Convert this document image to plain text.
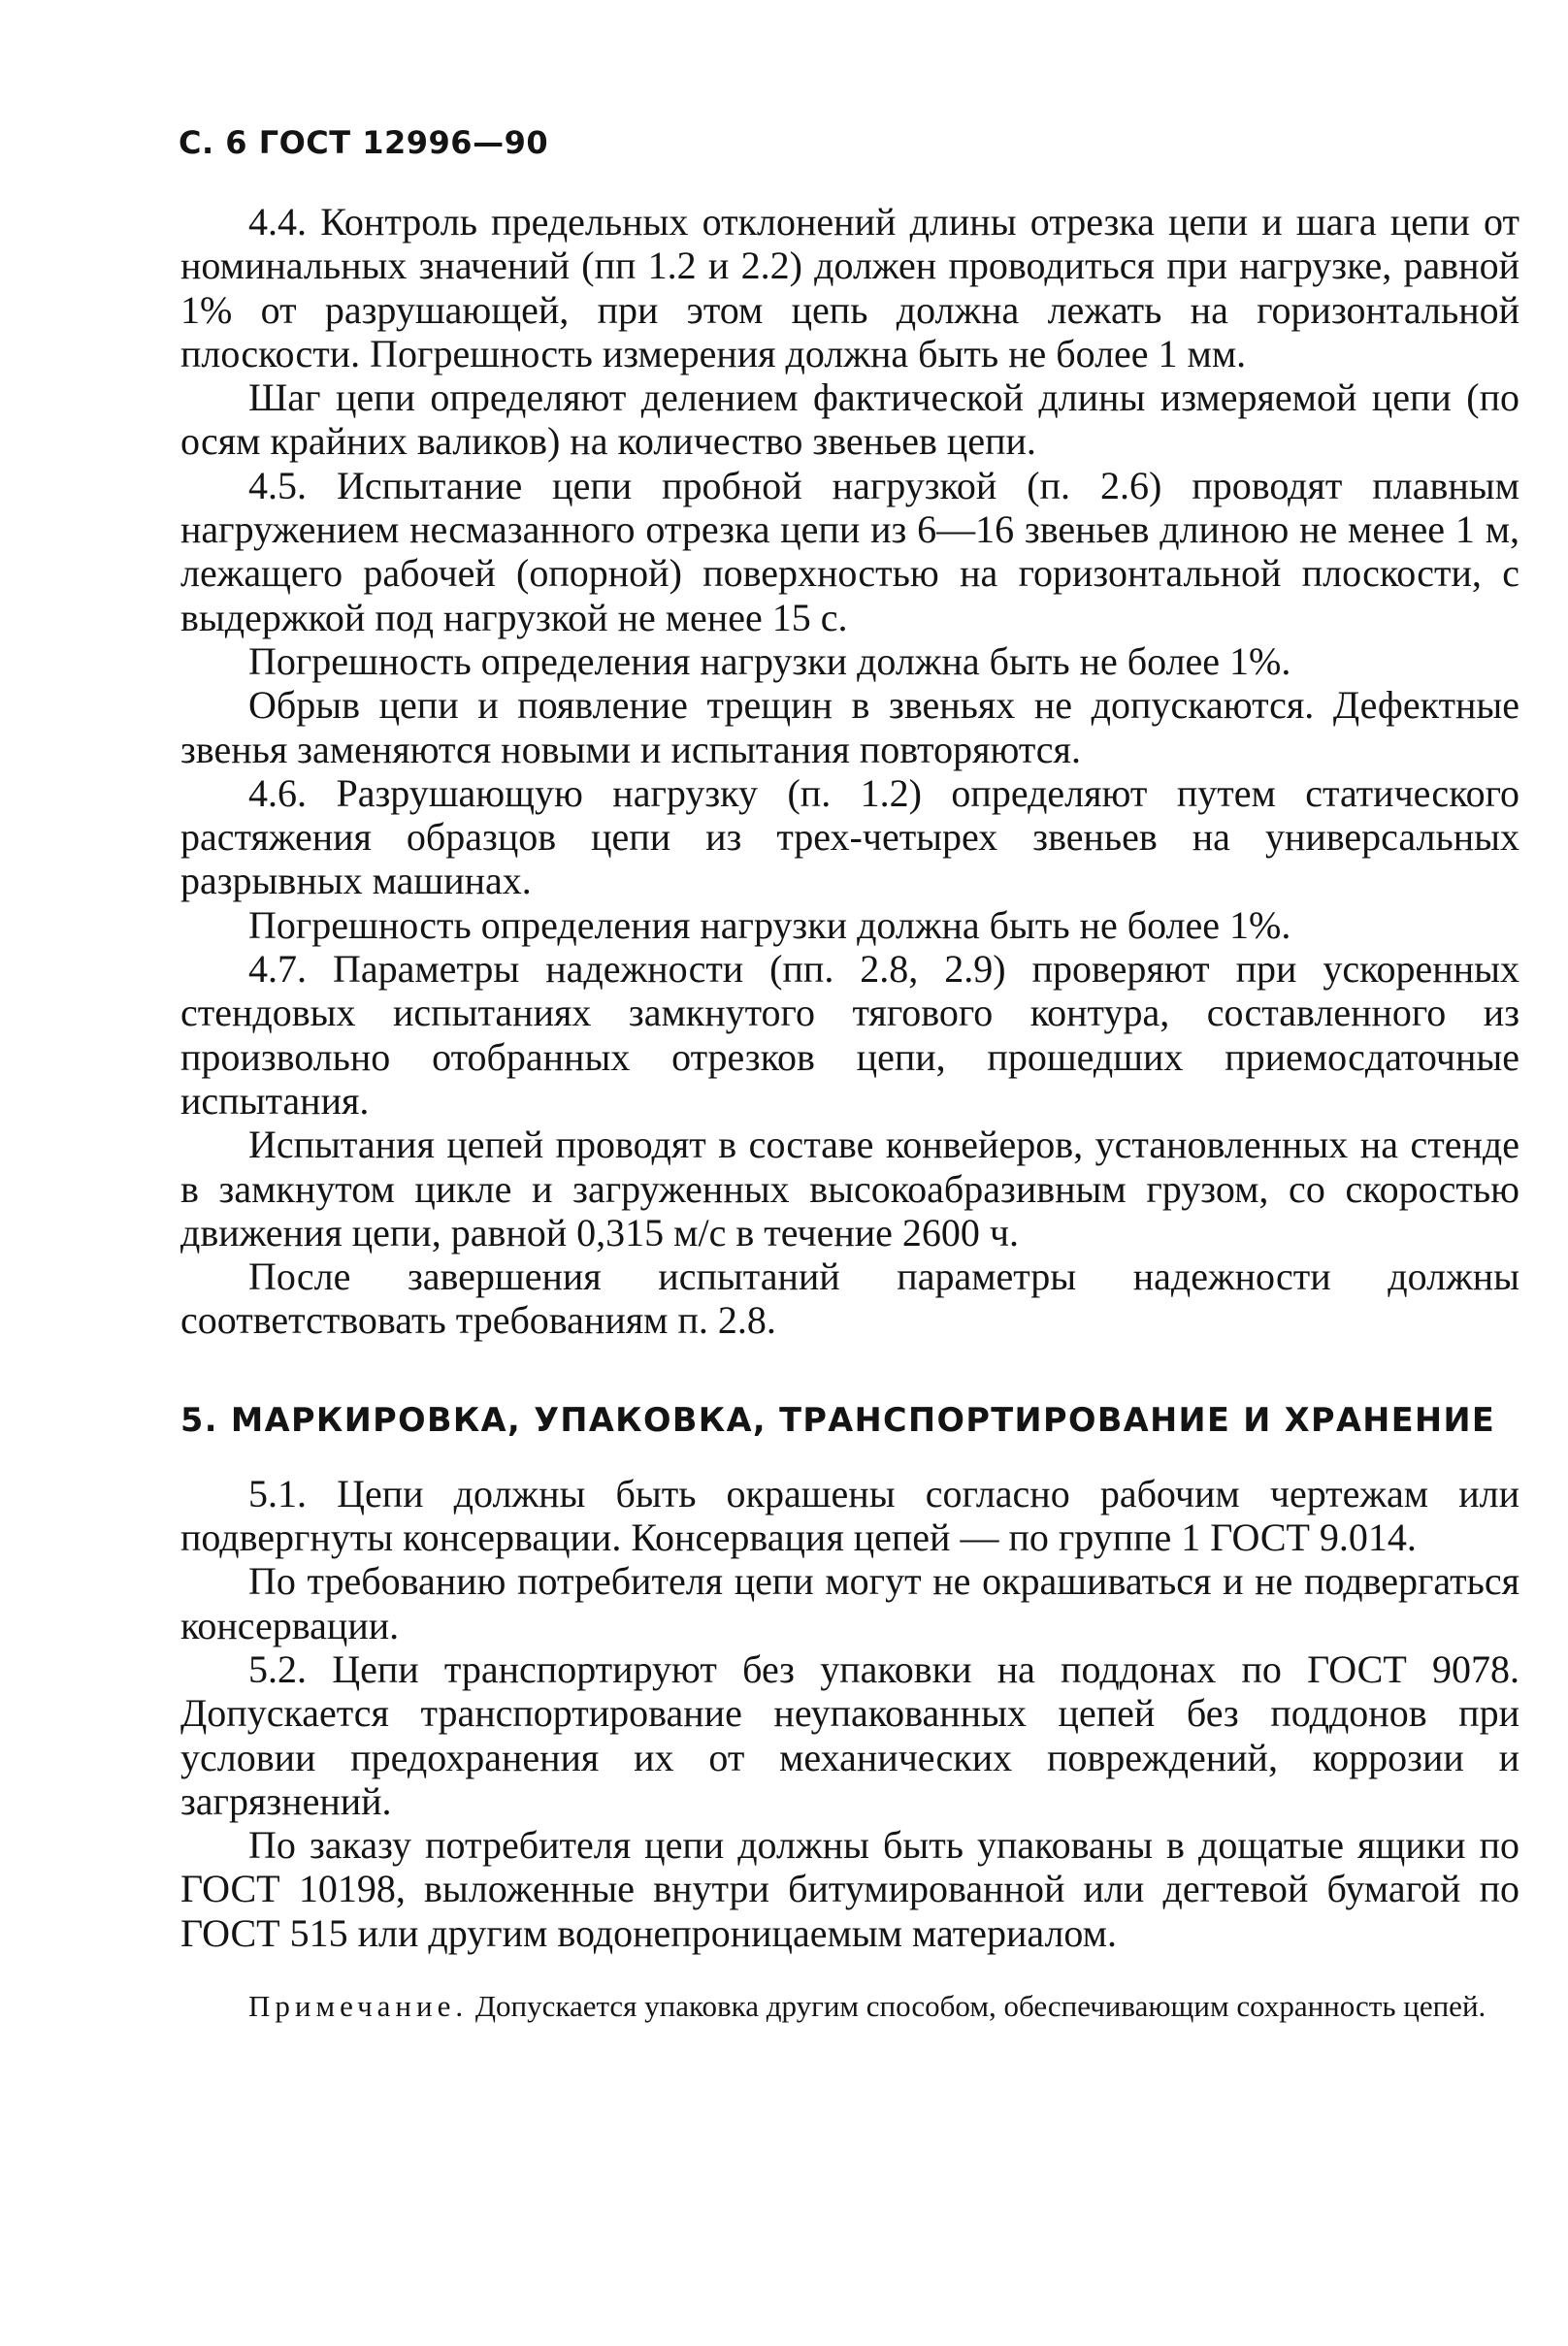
С. 6 ГОСТ 12996—90

4.4. Контроль предельных отклонений длины отрезка цепи и шага цепи от номинальных значений (пп 1.2 и 2.2) должен проводиться при нагрузке, равной 1% от разрушающей, при этом цепь должна лежать на горизонтальной плоскости. Погрешность измерения должна быть не более 1 мм.

Шаг цепи определяют делением фактической длины измеряемой цепи (по осям крайних валиков) на количество звеньев цепи.

4.5. Испытание цепи пробной нагрузкой (п. 2.6) проводят плавным нагружением несмазанного отрезка цепи из 6—16 звеньев длиною не менее 1 м, лежащего рабочей (опорной) поверхностью на горизонтальной плоскости, с выдержкой под нагрузкой не менее 15 с.

Погрешность определения нагрузки должна быть не более 1%.

Обрыв цепи и появление трещин в звеньях не допускаются. Дефектные звенья заменяются новыми и испытания повторяются.

4.6. Разрушающую нагрузку (п. 1.2) определяют путем статического растяжения образцов цепи из трех-четырех звеньев на универсальных разрывных машинах.

Погрешность определения нагрузки должна быть не более 1%.

4.7. Параметры надежности (пп. 2.8, 2.9) проверяют при ускоренных стендовых испытаниях замкнутого тягового контура, составленного из произвольно отобранных отрезков цепи, прошедших приемосдаточные испытания.

Испытания цепей проводят в составе конвейеров, установленных на стенде в замкнутом цикле и загруженных высокоабразивным грузом, со скоростью движения цепи, равной 0,315 м/с в течение 2600 ч.

После завершения испытаний параметры надежности должны соответствовать требованиям п. 2.8.

5. МАРКИРОВКА, УПАКОВКА, ТРАНСПОРТИРОВАНИЕ И ХРАНЕНИЕ

5.1. Цепи должны быть окрашены согласно рабочим чертежам или подвергнуты консервации. Консервация цепей — по группе 1 ГОСТ 9.014.

По требованию потребителя цепи могут не окрашиваться и не подвергаться консервации.

5.2. Цепи транспортируют без упаковки на поддонах по ГОСТ 9078. Допускается транспортирование неупакованных цепей без поддонов при условии предохранения их от механических повреждений, коррозии и загрязнений.

По заказу потребителя цепи должны быть упакованы в дощатые ящики по ГОСТ 10198, выложенные внутри битумированной или дегтевой бумагой по ГОСТ 515 или другим водонепроницаемым материалом.

Примечание. Допускается упаковка другим способом, обеспечивающим сохранность цепей.
